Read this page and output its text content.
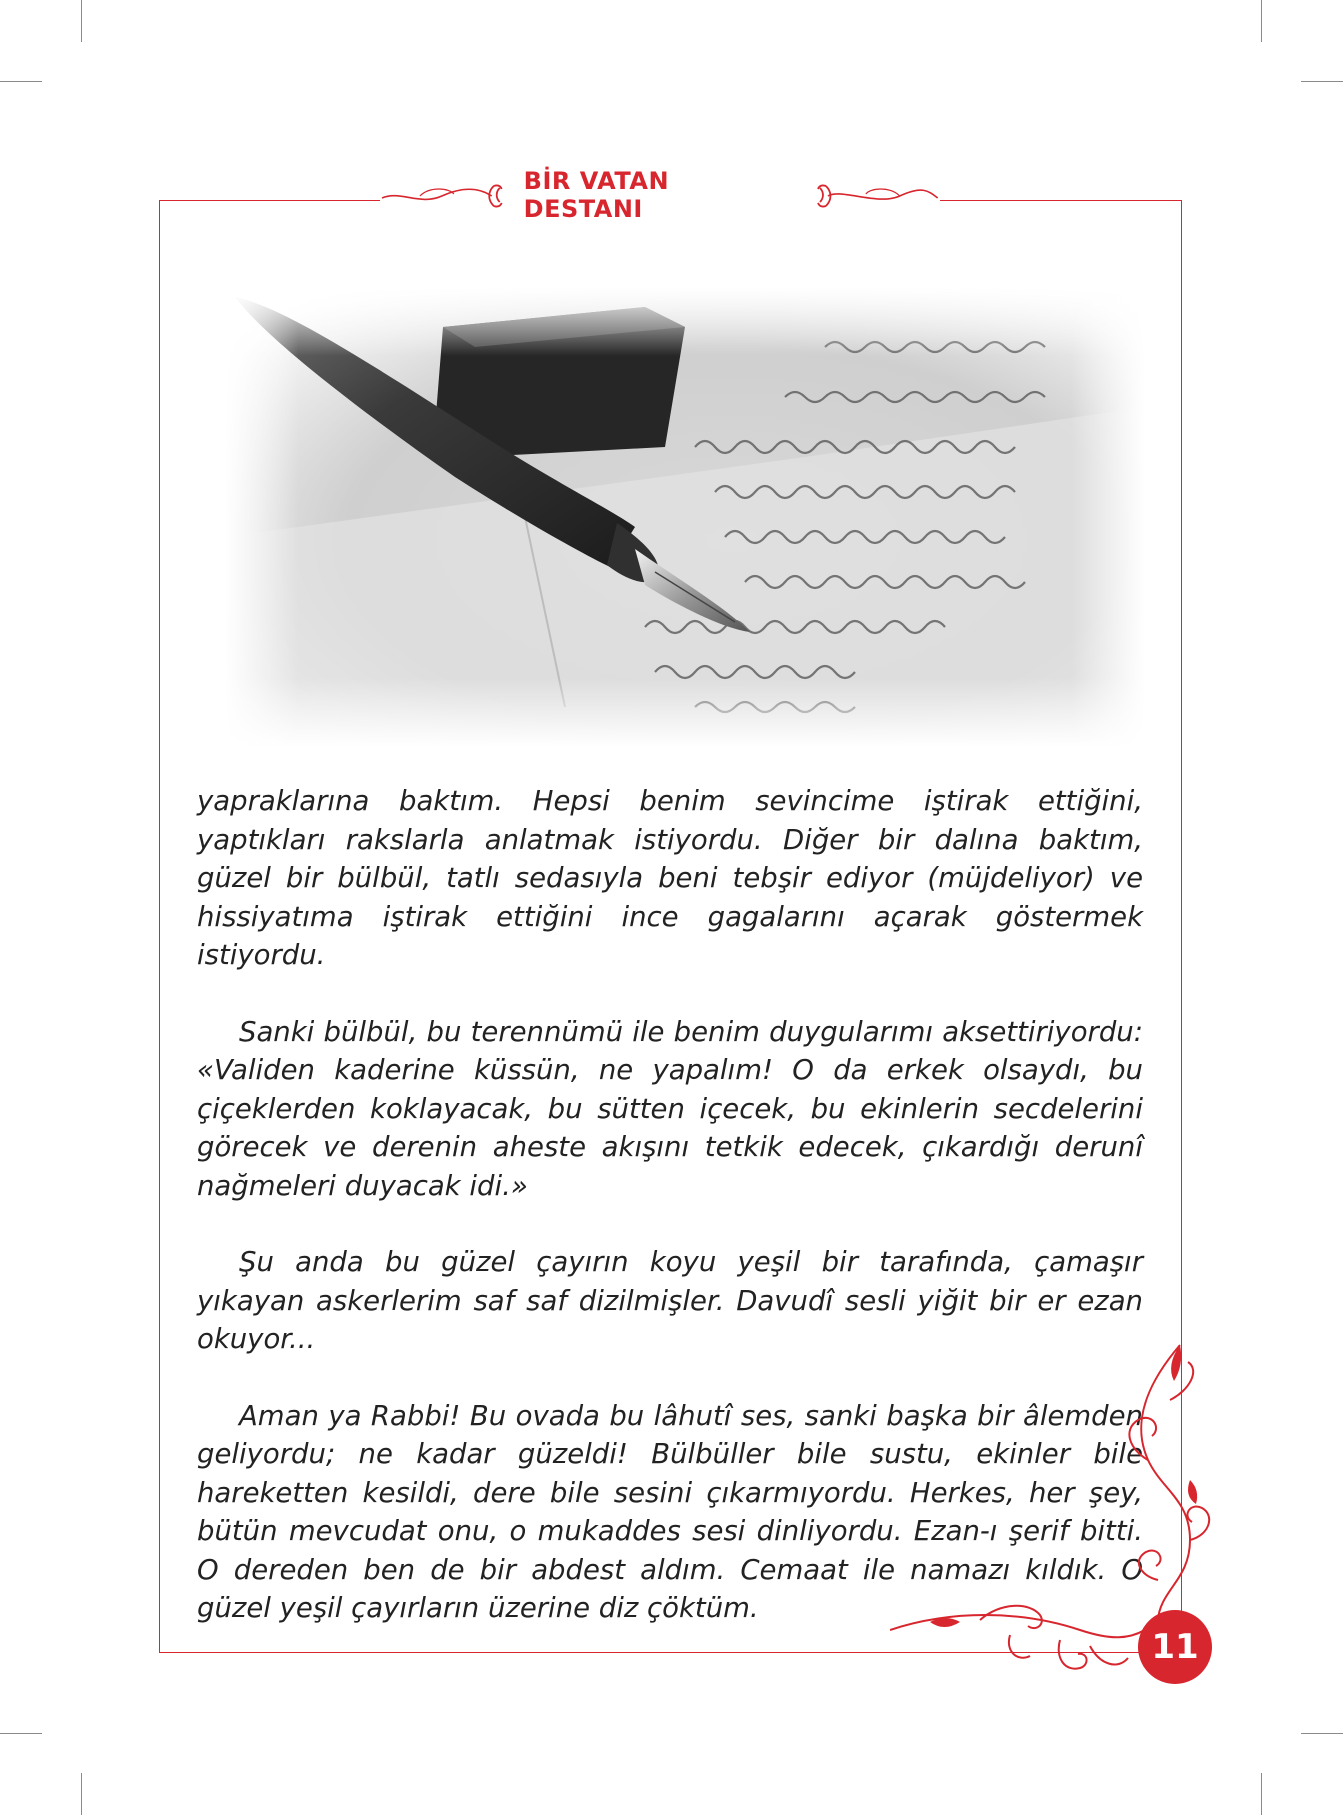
BİR VATAN DESTANI

yapraklarına baktım. Hepsi benim sevincime iştirak ettiğini, yaptıkları rakslarla anlatmak istiyordu. Diğer bir dalına baktım, güzel bir bülbül, tatlı sedasıyla beni tebşir ediyor (müjdeliyor) ve hissiyatıma iştirak ettiğini ince gagalarını açarak göstermek istiyordu.

Sanki bülbül, bu terennümü ile benim duygularımı aksettiriyordu: «Validen kaderine küssün, ne yapalım! O da erkek olsaydı, bu çiçeklerden koklayacak, bu sütten içecek, bu ekinlerin secdelerini görecek ve derenin aheste akışını tetkik edecek, çıkardığı derunî nağmeleri duyacak idi.»

Şu anda bu güzel çayırın koyu yeşil bir tarafında, çamaşır yıkayan askerlerim saf saf dizilmişler. Davudî sesli yiğit bir er ezan okuyor...

Aman ya Rabbi! Bu ovada bu lâhutî ses, sanki başka bir âlemden geliyordu; ne kadar güzeldi! Bülbüller bile sustu, ekinler bile hareketten kesildi, dere bile sesini çıkarmıyordu. Herkes, her şey, bütün mevcudat onu, o mukaddes sesi dinliyordu. Ezan-ı şerif bitti. O dereden ben de bir abdest aldım. Cemaat ile namazı kıldık. O güzel yeşil çayırların üzerine diz çöktüm.

11
